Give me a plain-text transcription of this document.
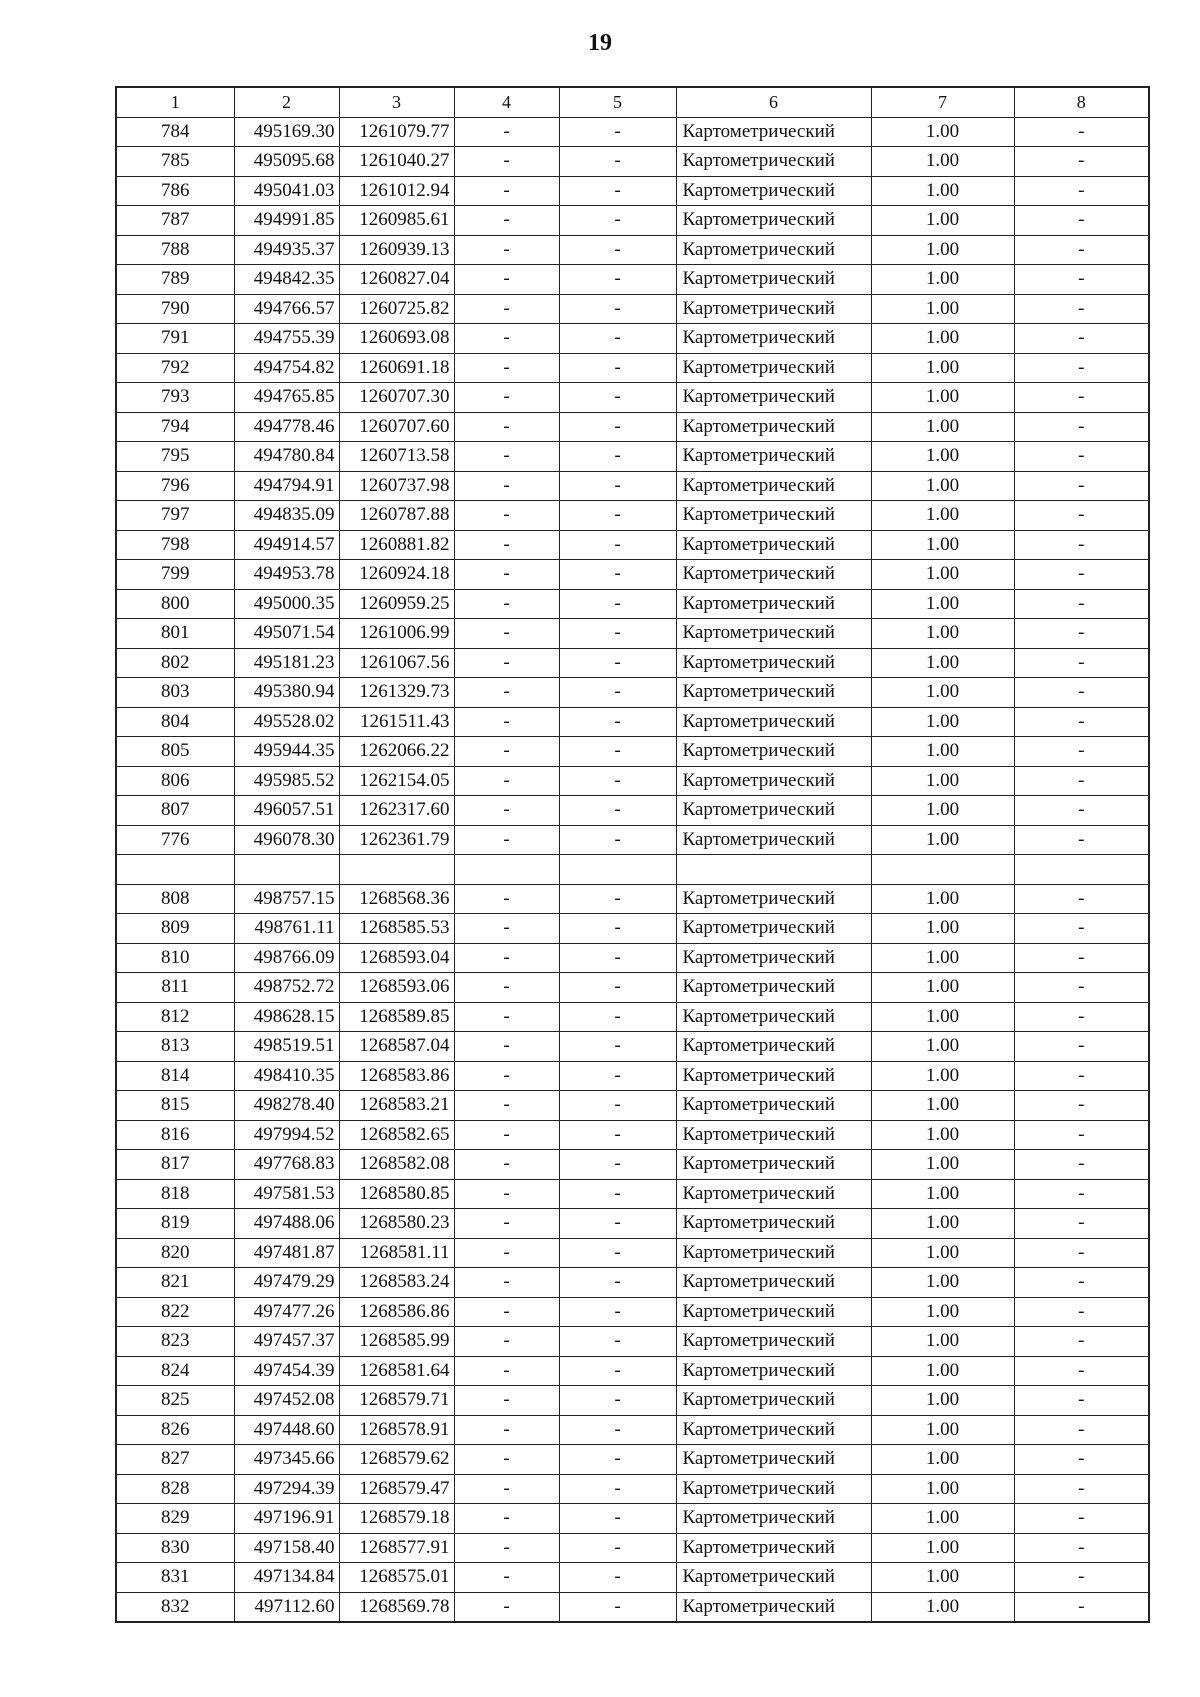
19
1	2	3	4	5	6	7	8
784	495169.30	1261079.77	-	-	Картометрический	1.00	-
785	495095.68	1261040.27	-	-	Картометрический	1.00	-
786	495041.03	1261012.94	-	-	Картометрический	1.00	-
787	494991.85	1260985.61	-	-	Картометрический	1.00	-
788	494935.37	1260939.13	-	-	Картометрический	1.00	-
789	494842.35	1260827.04	-	-	Картометрический	1.00	-
790	494766.57	1260725.82	-	-	Картометрический	1.00	-
791	494755.39	1260693.08	-	-	Картометрический	1.00	-
792	494754.82	1260691.18	-	-	Картометрический	1.00	-
793	494765.85	1260707.30	-	-	Картометрический	1.00	-
794	494778.46	1260707.60	-	-	Картометрический	1.00	-
795	494780.84	1260713.58	-	-	Картометрический	1.00	-
796	494794.91	1260737.98	-	-	Картометрический	1.00	-
797	494835.09	1260787.88	-	-	Картометрический	1.00	-
798	494914.57	1260881.82	-	-	Картометрический	1.00	-
799	494953.78	1260924.18	-	-	Картометрический	1.00	-
800	495000.35	1260959.25	-	-	Картометрический	1.00	-
801	495071.54	1261006.99	-	-	Картометрический	1.00	-
802	495181.23	1261067.56	-	-	Картометрический	1.00	-
803	495380.94	1261329.73	-	-	Картометрический	1.00	-
804	495528.02	1261511.43	-	-	Картометрический	1.00	-
805	495944.35	1262066.22	-	-	Картометрический	1.00	-
806	495985.52	1262154.05	-	-	Картометрический	1.00	-
807	496057.51	1262317.60	-	-	Картометрический	1.00	-
776	496078.30	1262361.79	-	-	Картометрический	1.00	-

808	498757.15	1268568.36	-	-	Картометрический	1.00	-
809	498761.11	1268585.53	-	-	Картометрический	1.00	-
810	498766.09	1268593.04	-	-	Картометрический	1.00	-
811	498752.72	1268593.06	-	-	Картометрический	1.00	-
812	498628.15	1268589.85	-	-	Картометрический	1.00	-
813	498519.51	1268587.04	-	-	Картометрический	1.00	-
814	498410.35	1268583.86	-	-	Картометрический	1.00	-
815	498278.40	1268583.21	-	-	Картометрический	1.00	-
816	497994.52	1268582.65	-	-	Картометрический	1.00	-
817	497768.83	1268582.08	-	-	Картометрический	1.00	-
818	497581.53	1268580.85	-	-	Картометрический	1.00	-
819	497488.06	1268580.23	-	-	Картометрический	1.00	-
820	497481.87	1268581.11	-	-	Картометрический	1.00	-
821	497479.29	1268583.24	-	-	Картометрический	1.00	-
822	497477.26	1268586.86	-	-	Картометрический	1.00	-
823	497457.37	1268585.99	-	-	Картометрический	1.00	-
824	497454.39	1268581.64	-	-	Картометрический	1.00	-
825	497452.08	1268579.71	-	-	Картометрический	1.00	-
826	497448.60	1268578.91	-	-	Картометрический	1.00	-
827	497345.66	1268579.62	-	-	Картометрический	1.00	-
828	497294.39	1268579.47	-	-	Картометрический	1.00	-
829	497196.91	1268579.18	-	-	Картометрический	1.00	-
830	497158.40	1268577.91	-	-	Картометрический	1.00	-
831	497134.84	1268575.01	-	-	Картометрический	1.00	-
832	497112.60	1268569.78	-	-	Картометрический	1.00	-
